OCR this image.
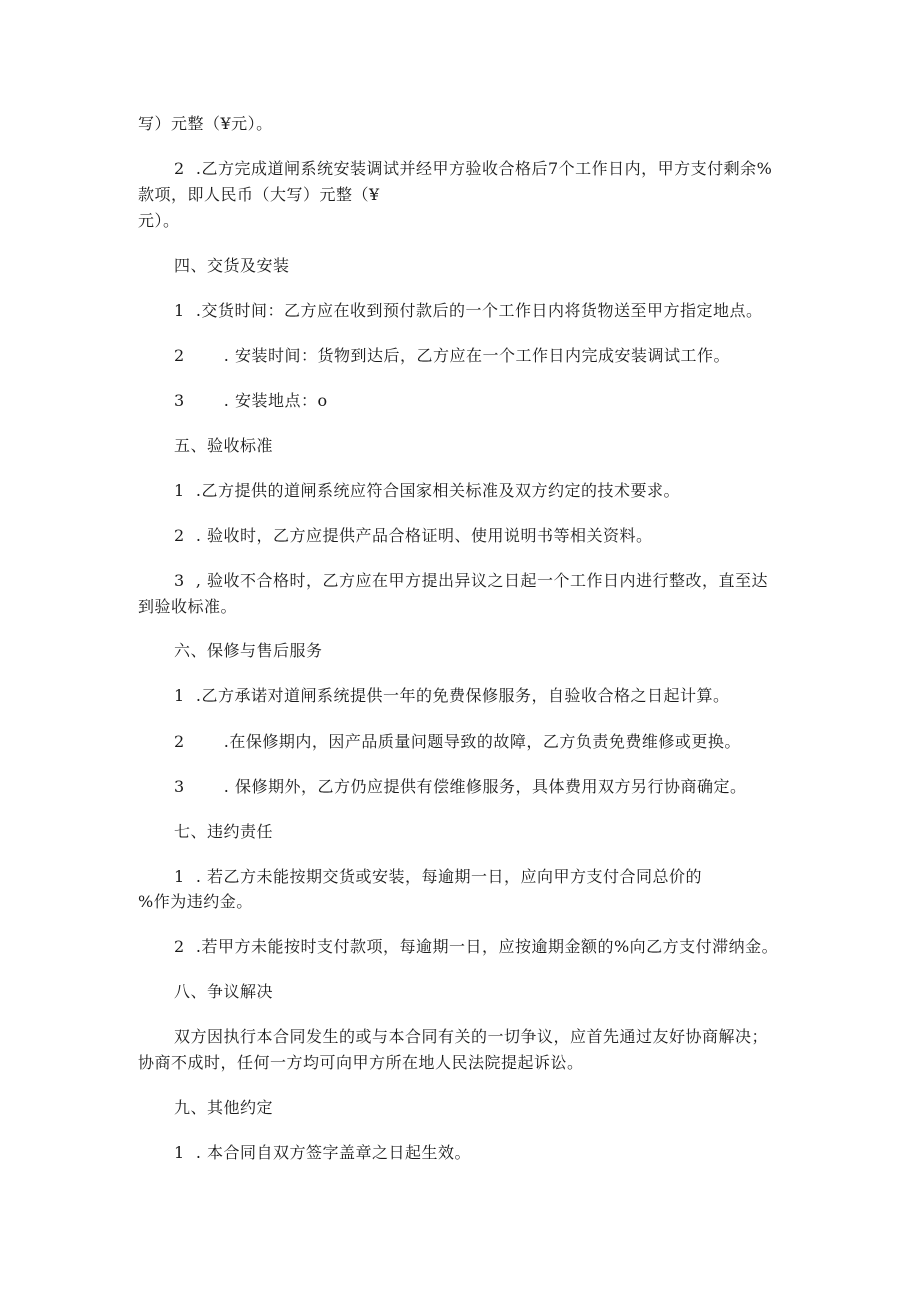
写）元整（¥元）。
2  .乙方完成道闸系统安装调试并经甲方验收合格后7个工作日内，甲方支付剩余%
款项，即人民币（大写）元整（¥
元）。
四、交货及安装
1  .交货时间：乙方应在收到预付款后的一个工作日内将货物送至甲方指定地点。
2       . 安装时间：货物到达后，乙方应在一个工作日内完成安装调试工作。
3       . 安装地点：o
五、验收标准
1  .乙方提供的道闸系统应符合国家相关标准及双方约定的技术要求。
2  . 验收时，乙方应提供产品合格证明、使用说明书等相关资料。
3  , 验收不合格时，乙方应在甲方提出异议之日起一个工作日内进行整改，直至达
到验收标准。
六、保修与售后服务
1  .乙方承诺对道闸系统提供一年的免费保修服务，自验收合格之日起计算。
2       .在保修期内，因产品质量问题导致的故障，乙方负责免费维修或更换。
3       . 保修期外，乙方仍应提供有偿维修服务，具体费用双方另行协商确定。
七、违约责任
1  . 若乙方未能按期交货或安装，每逾期一日，应向甲方支付合同总价的
%作为违约金。
2  .若甲方未能按时支付款项，每逾期一日，应按逾期金额的%向乙方支付滞纳金。
八、争议解决
双方因执行本合同发生的或与本合同有关的一切争议，应首先通过友好协商解决；
协商不成时，任何一方均可向甲方所在地人民法院提起诉讼。
九、其他约定
1  . 本合同自双方签字盖章之日起生效。
